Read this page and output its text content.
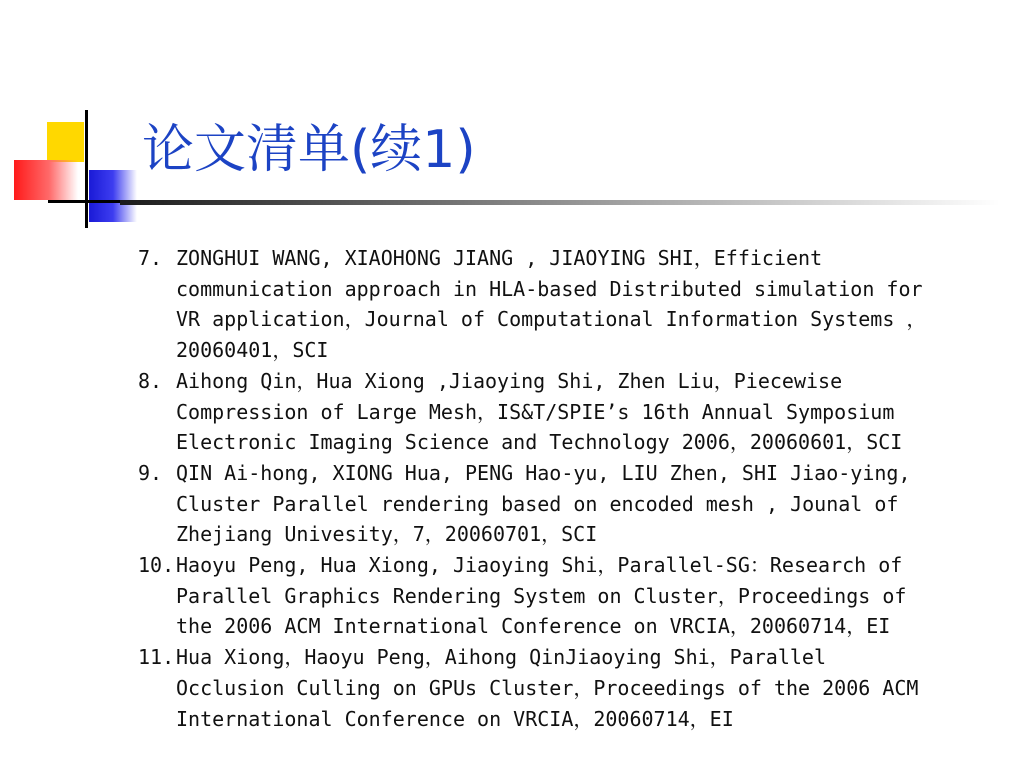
论文清单(续1)
7. ZONGHUI WANG, XIAOHONG JIANG , JIAOYING SHI，Efficient
communication approach in HLA-based Distributed simulation for
VR application，Journal of Computational Information Systems ，
20060401，SCI
8. Aihong Qin，Hua Xiong ,Jiaoying Shi, Zhen Liu，Piecewise
Compression of Large Mesh，IS&T/SPIE’s 16th Annual Symposium
Electronic Imaging Science and Technology 2006，20060601，SCI
9. QIN Ai-hong, XIONG Hua, PENG Hao-yu, LIU Zhen, SHI Jiao-ying,
Cluster Parallel rendering based on encoded mesh , Jounal of
Zhejiang Univesity，7，20060701，SCI
10. Haoyu Peng, Hua Xiong, Jiaoying Shi，Parallel-SG：Research of
Parallel Graphics Rendering System on Cluster，Proceedings of
the 2006 ACM International Conference on VRCIA，20060714，EI
11. Hua Xiong，Haoyu Peng，Aihong QinJiaoying Shi，Parallel
Occlusion Culling on GPUs Cluster，Proceedings of the 2006 ACM
International Conference on VRCIA，20060714，EI
